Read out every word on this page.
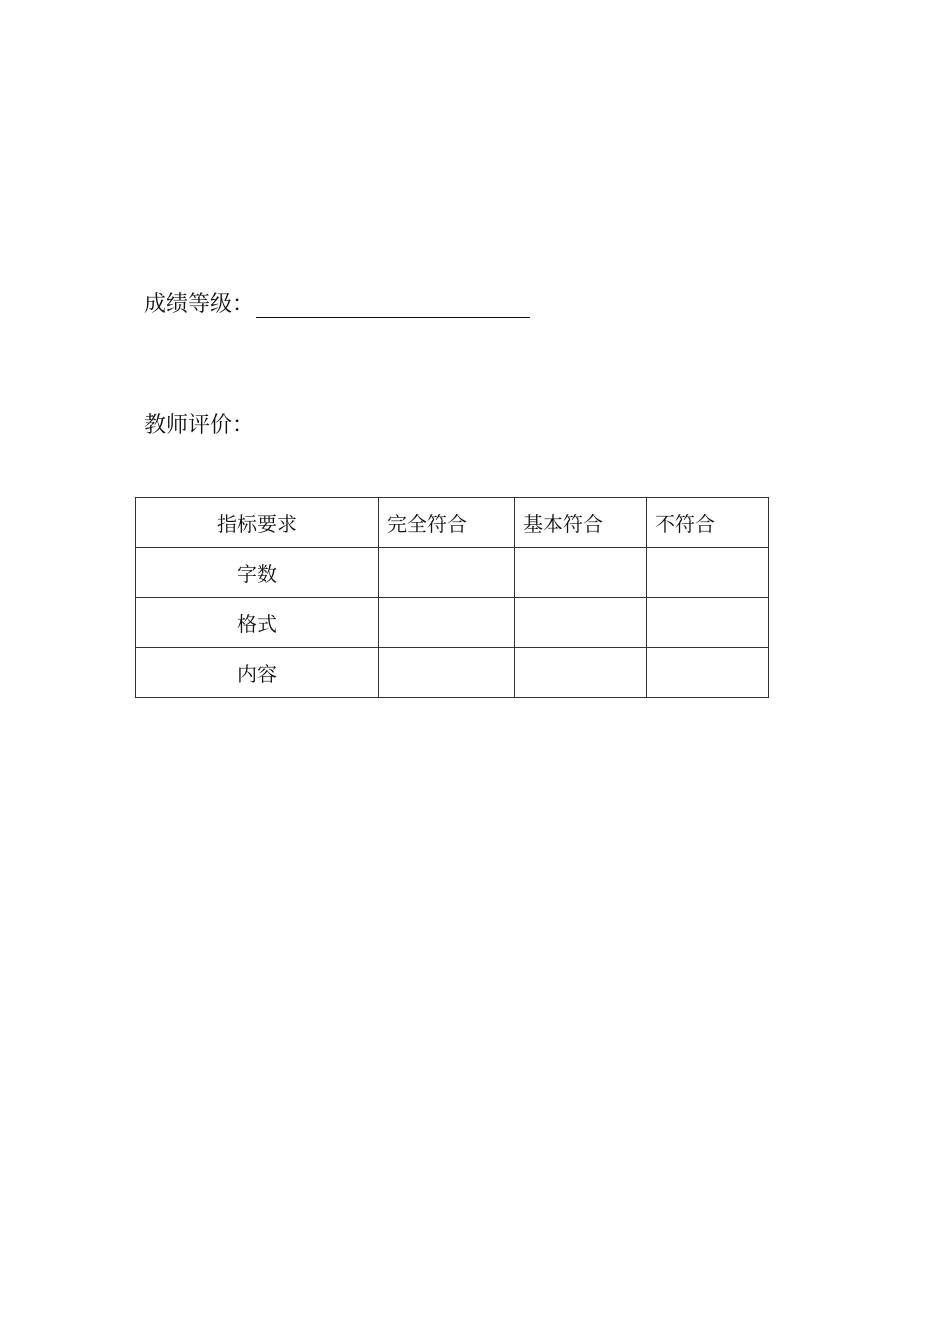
成绩等级：
教师评价：
指标要求	完全符合	基本符合	不符合
字数			
格式			
内容			
